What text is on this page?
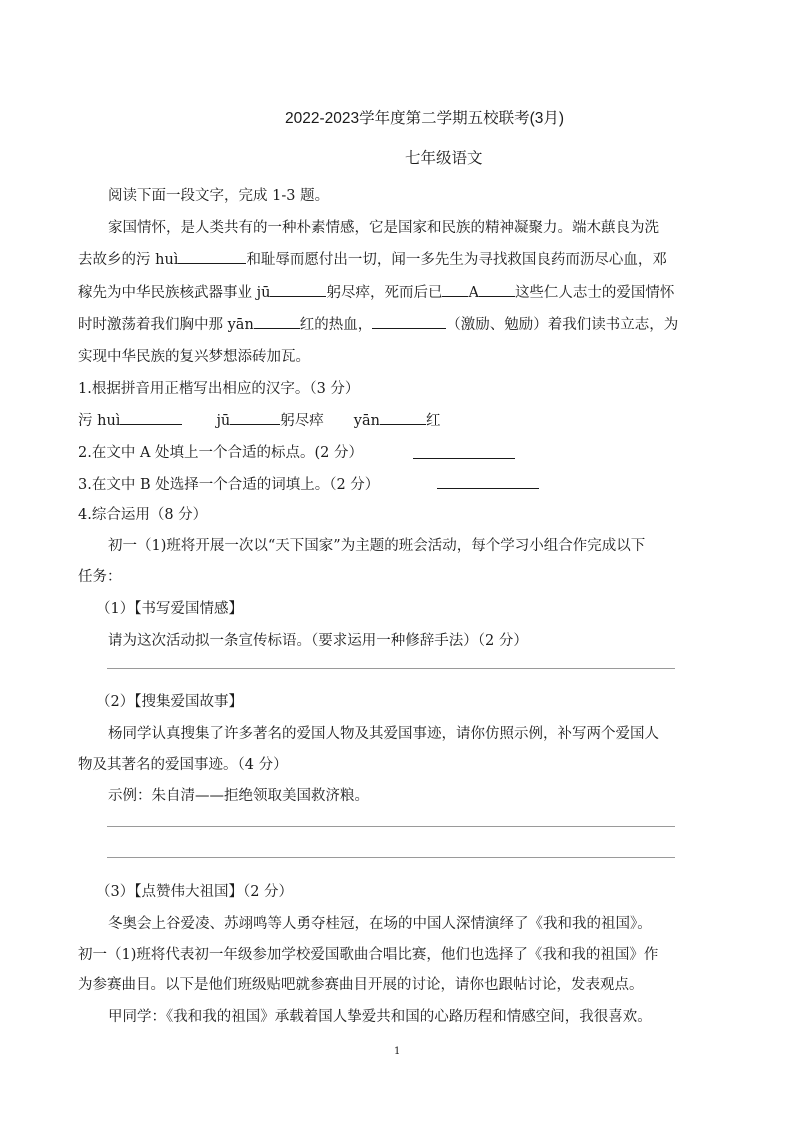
2022-2023学年度第二学期五校联考(3月)
七年级语文
阅读下面一段文字，完成 1-3 题。
家国情怀，是人类共有的一种朴素情感，它是国家和民族的精神凝聚力。端木蕻良为洗
去故乡的污 huì	和耻辱而愿付出一切，闻一多先生为寻找救国良药而沥尽心血，邓
稼先为中华民族核武器事业 jū	躬尽瘁，死而后已 A 这些仁人志士的爱国情怀
时时激荡着我们胸中那 yān	红的热血，	（激励、勉励）着我们读书立志，为
实现中华民族的复兴梦想添砖加瓦。
1.根据拼音用正楷写出相应的汉字。（3 分）
污 huì	jū	躬尽瘁 yān	红
2.在文中 A 处填上一个合适的标点。(2 分）
3.在文中 B 处选择一个合适的词填上。（2 分）
4.综合运用（8 分）
初一（1)班将开展一次以“天下国家”为主题的班会活动，每个学习小组合作完成以下
任务：
（1）【书写爱国情感】
请为这次活动拟一条宣传标语。（要求运用一种修辞手法）（2 分）
（2）【搜集爱国故事】
杨同学认真搜集了许多著名的爱国人物及其爱国事迹，请你仿照示例，补写两个爱国人
物及其著名的爱国事迹。（4 分）
示例：朱自清——拒绝领取美国救济粮。
（3）【点赞伟大祖国】（2 分）
冬奥会上谷爱凌、苏翊鸣等人勇夺桂冠，在场的中国人深情演绎了《我和我的祖国》。
初一（1)班将代表初一年级参加学校爱国歌曲合唱比赛，他们也选择了《我和我的祖国》作
为参赛曲目。以下是他们班级贴吧就参赛曲目开展的讨论，请你也跟帖讨论，发表观点。
甲同学：《我和我的祖国》承载着国人挚爱共和国的心路历程和情感空间，我很喜欢。
1
